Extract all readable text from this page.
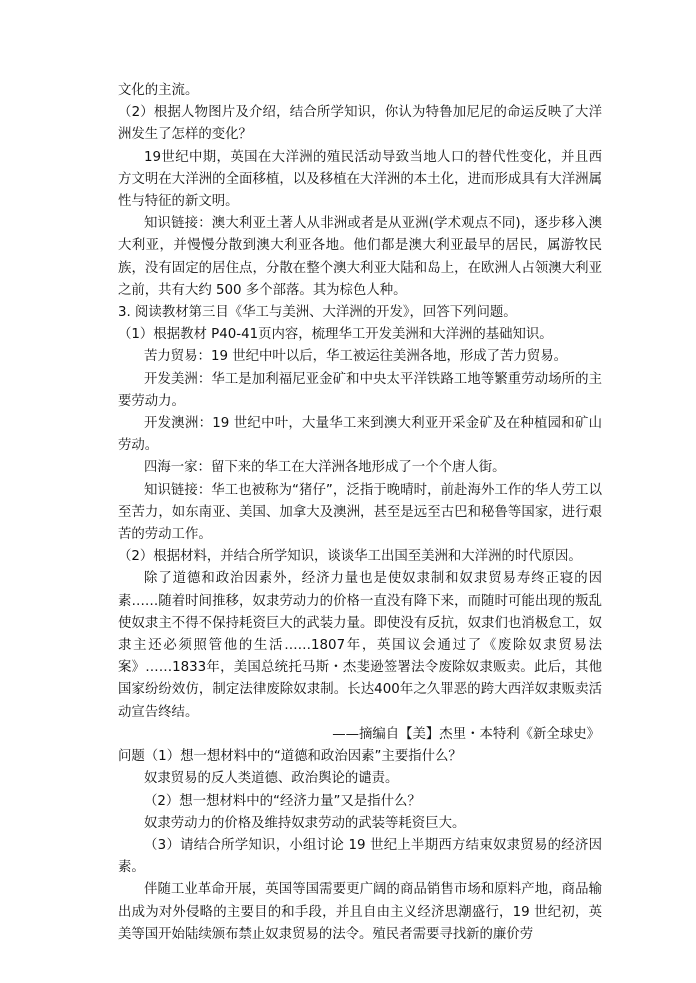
文化的主流。

（2）根据人物图片及介绍，结合所学知识，你认为特鲁加尼尼的命运反映了大洋洲发生了怎样的变化？

19世纪中期，英国在大洋洲的殖民活动导致当地人口的替代性变化，并且西方文明在大洋洲的全面移植，以及移植在大洋洲的本土化，进而形成具有大洋洲属性与特征的新文明。

知识链接：澳大利亚土著人从非洲或者是从亚洲(学术观点不同)，逐步移入澳大利亚，并慢慢分散到澳大利亚各地。他们都是澳大利亚最早的居民，属游牧民族，没有固定的居住点，分散在整个澳大利亚大陆和岛上，在欧洲人占领澳大利亚之前，共有大约 500 多个部落。其为棕色人种。

3. 阅读教材第三目《华工与美洲、大洋洲的开发》，回答下列问题。

（1）根据教材 P40-41页内容，梳理华工开发美洲和大洋洲的基础知识。

苦力贸易：19 世纪中叶以后，华工被运往美洲各地，形成了苦力贸易。

开发美洲：华工是加利福尼亚金矿和中央太平洋铁路工地等繁重劳动场所的主要劳动力。

开发澳洲：19 世纪中叶，大量华工来到澳大利亚开采金矿及在种植园和矿山劳动。

四海一家：留下来的华工在大洋洲各地形成了一个个唐人街。

知识链接：华工也被称为“猪仔”，泛指于晚晴时，前赴海外工作的华人劳工以至苦力，如东南亚、美国、加拿大及澳洲，甚至是远至古巴和秘鲁等国家，进行艰苦的劳动工作。

（2）根据材料，并结合所学知识，谈谈华工出国至美洲和大洋洲的时代原因。

除了道德和政治因素外，经济力量也是使奴隶制和奴隶贸易寿终正寝的因素……随着时间推移，奴隶劳动力的价格一直没有降下来，而随时可能出现的叛乱使奴隶主不得不保持耗资巨大的武装力量。即使没有反抗，奴隶们也消极怠工，奴隶主还必须照管他的生活……1807年，英国议会通过了《废除奴隶贸易法案》……1833年，美国总统托马斯・杰斐逊签署法令废除奴隶贩卖。此后，其他国家纷纷效仿，制定法律废除奴隶制。长达400年之久罪恶的跨大西洋奴隶贩卖活动宣告终结。

——摘编自【美】杰里・本特利《新全球史》

问题（1）想一想材料中的“道德和政治因素”主要指什么？

奴隶贸易的反人类道德、政治舆论的谴责。

（2）想一想材料中的“经济力量”又是指什么？

奴隶劳动力的价格及维持奴隶劳动的武装等耗资巨大。

（3）请结合所学知识，小组讨论 19 世纪上半期西方结束奴隶贸易的经济因素。

伴随工业革命开展，英国等国需要更广阔的商品销售市场和原料产地，商品输出成为对外侵略的主要目的和手段，并且自由主义经济思潮盛行，19 世纪初，英美等国开始陆续颁布禁止奴隶贸易的法令。殖民者需要寻找新的廉价劳
